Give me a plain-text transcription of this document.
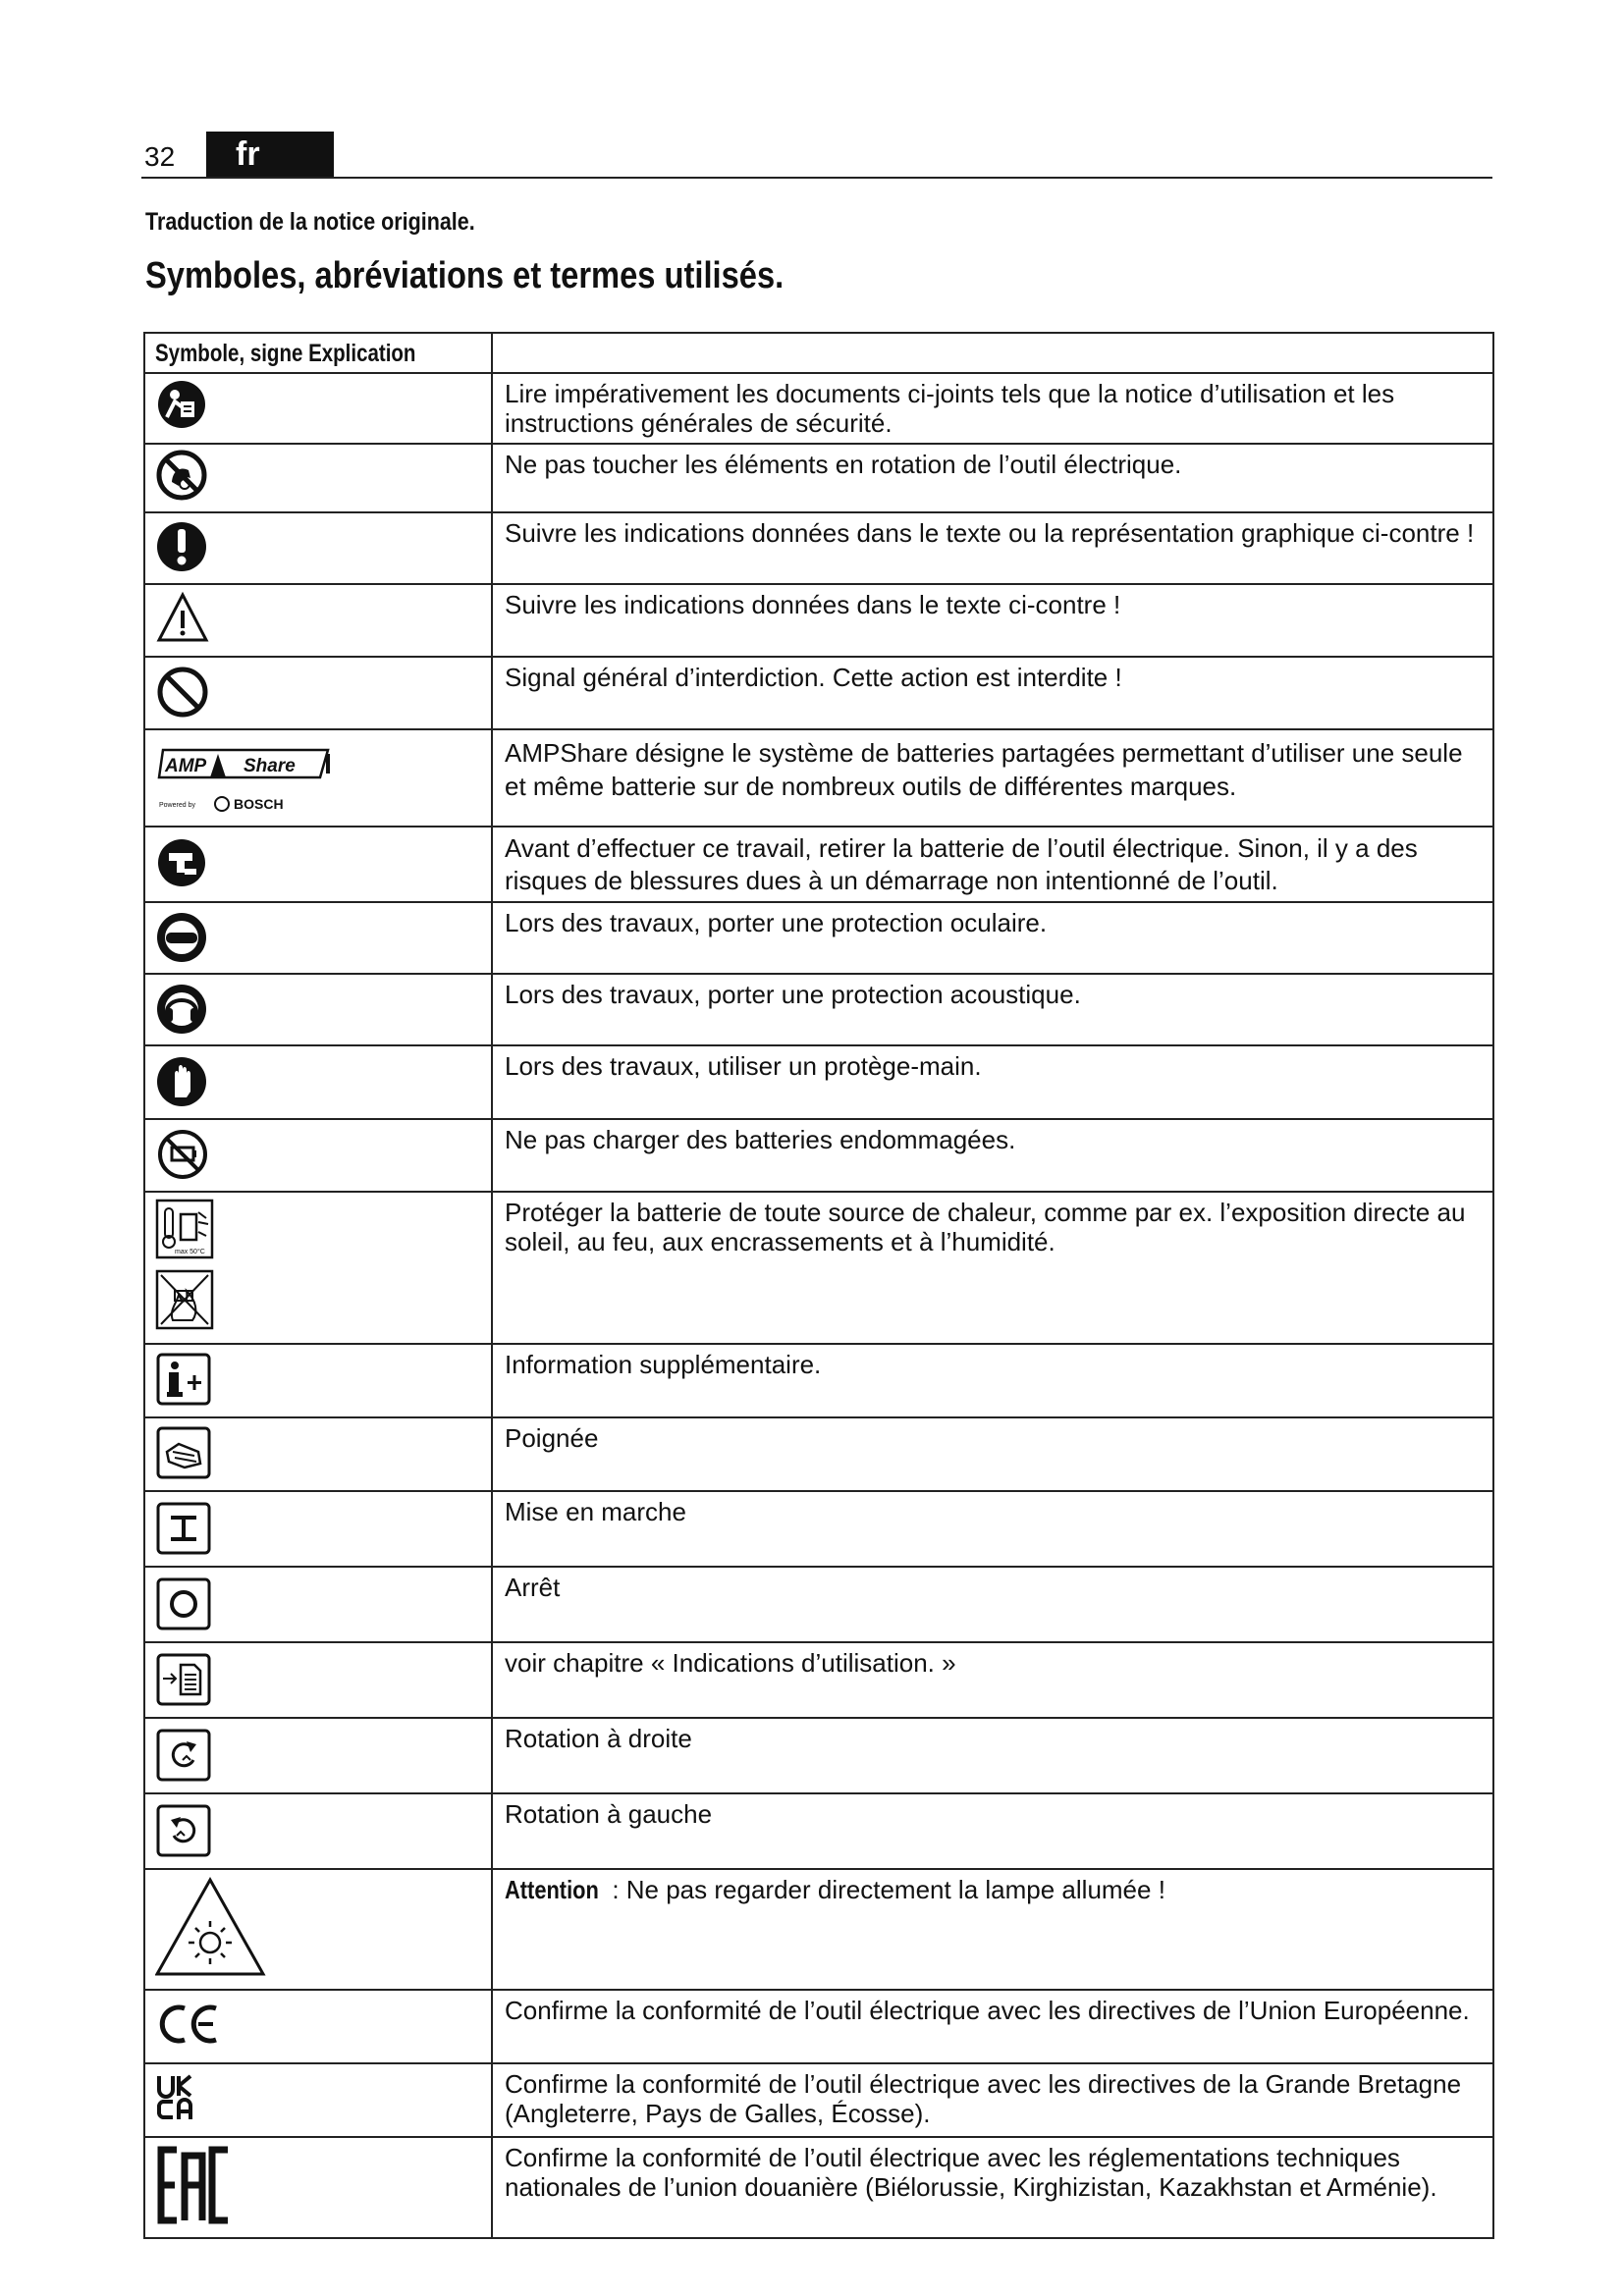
32	fr
Traduction de la notice originale.
Symboles, abréviations et termes utilisés.
Symbole, signe Explication	
	Lire impérativement les documents ci-joints tels que la notice d’utilisation et les instructions générales de sécurité.
	Ne pas toucher les éléments en rotation de l’outil électrique.
	Suivre les indications données dans le texte ou la représentation graphique ci-contre !
	Suivre les indications données dans le texte ci-contre !
	Signal général d’interdiction. Cette action est interdite !

AMP Share
Powered by BOSCH	AMPShare désigne le système de batteries partagées permettant d’utiliser une seule et même batterie sur de nombreux outils de différentes marques.
	Avant d’effectuer ce travail, retirer la batterie de l’outil électrique. Sinon, il y a des risques de blessures dues à un démarrage non intentionné de l’outil.
	Lors des travaux, porter une protection oculaire.
	Lors des travaux, porter une protection acoustique.
	Lors des travaux, utiliser un protège-main.
	Ne pas charger des batteries endommagées.

max 50°C	Protéger la batterie de toute source de chaleur, comme par ex. l’exposition directe au soleil, au feu, aux encrassements et à l’humidité.
	Information supplémentaire.
	Poignée
	Mise en marche
	Arrêt
	voir chapitre « Indications d’utilisation. »
	Rotation à droite
	Rotation à gauche
	Attention : Ne pas regarder directement la lampe allumée !
	Confirme la conformité de l’outil électrique avec les directives de l’Union Européenne.
	Confirme la conformité de l’outil électrique avec les directives de la Grande Bretagne (Angleterre, Pays de Galles, Écosse).
	Confirme la conformité de l’outil électrique avec les réglementations techniques nationales de l’union douanière (Biélorussie, Kirghizistan, Kazakhstan et Arménie).
